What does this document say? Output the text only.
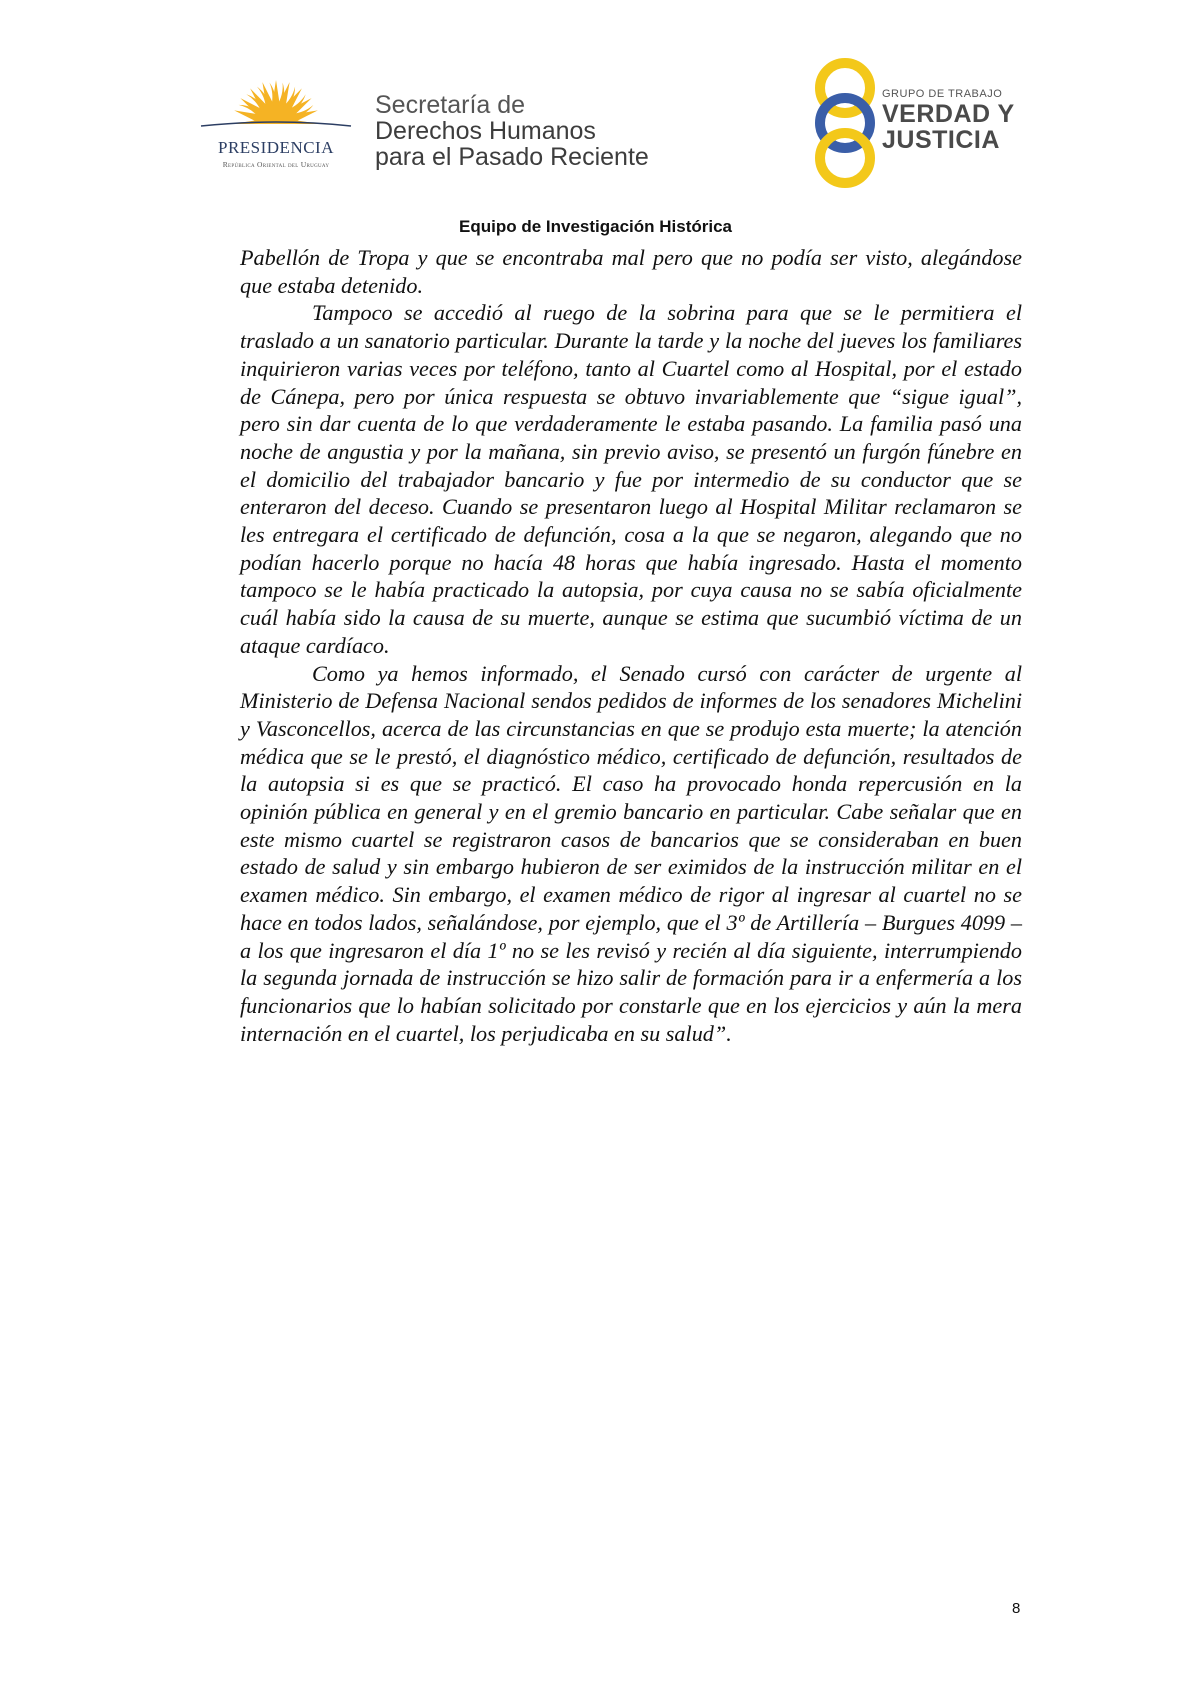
PRESIDENCIA
República Oriental del Uruguay
Secretaría de
Derechos Humanos
para el Pasado Reciente
GRUPO DE TRABAJO
VERDAD Y
JUSTICIA
Equipo de Investigación Histórica

Pabellón de Tropa y que se encontraba mal pero que no podía ser visto, alegándose que estaba detenido.

Tampoco se accedió al ruego de la sobrina para que se le permitiera el traslado a un sanatorio particular. Durante la tarde y la noche del jueves los familiares inquirieron varias veces por teléfono, tanto al Cuartel como al Hospital, por el estado de Cánepa, pero por única respuesta se obtuvo invariablemente que “sigue igual”, pero sin dar cuenta de lo que verdaderamente le estaba pasando. La familia pasó una noche de angustia y por la mañana, sin previo aviso, se presentó un furgón fúnebre en el domicilio del trabajador bancario y fue por intermedio de su conductor que se enteraron del deceso. Cuando se presentaron luego al Hospital Militar reclamaron se les entregara el certificado de defunción, cosa a la que se negaron, alegando que no podían hacerlo porque no hacía 48 horas que había ingresado. Hasta el momento tampoco se le había practicado la autopsia, por cuya causa no se sabía oficialmente cuál había sido la causa de su muerte, aunque se estima que sucumbió víctima de un ataque cardíaco.

Como ya hemos informado, el Senado cursó con carácter de urgente al Ministerio de Defensa Nacional sendos pedidos de informes de los senadores Michelini y Vasconcellos, acerca de las circunstancias en que se produjo esta muerte; la atención médica que se le prestó, el diagnóstico médico, certificado de defunción, resultados de la autopsia si es que se practicó. El caso ha provocado honda repercusión en la opinión pública en general y en el gremio bancario en particular. Cabe señalar que en este mismo cuartel se registraron casos de bancarios que se consideraban en buen estado de salud y sin embargo hubieron de ser eximidos de la instrucción militar en el examen médico. Sin embargo, el examen médico de rigor al ingresar al cuartel no se hace en todos lados, señalándose, por ejemplo, que el 3º de Artillería – Burgues 4099 – a los que ingresaron el día 1º no se les revisó y recién al día siguiente, interrumpiendo la segunda jornada de instrucción se hizo salir de formación para ir a enfermería a los funcionarios que lo habían solicitado por constarle que en los ejercicios y aún la mera internación en el cuartel, los perjudicaba en su salud”.

8
